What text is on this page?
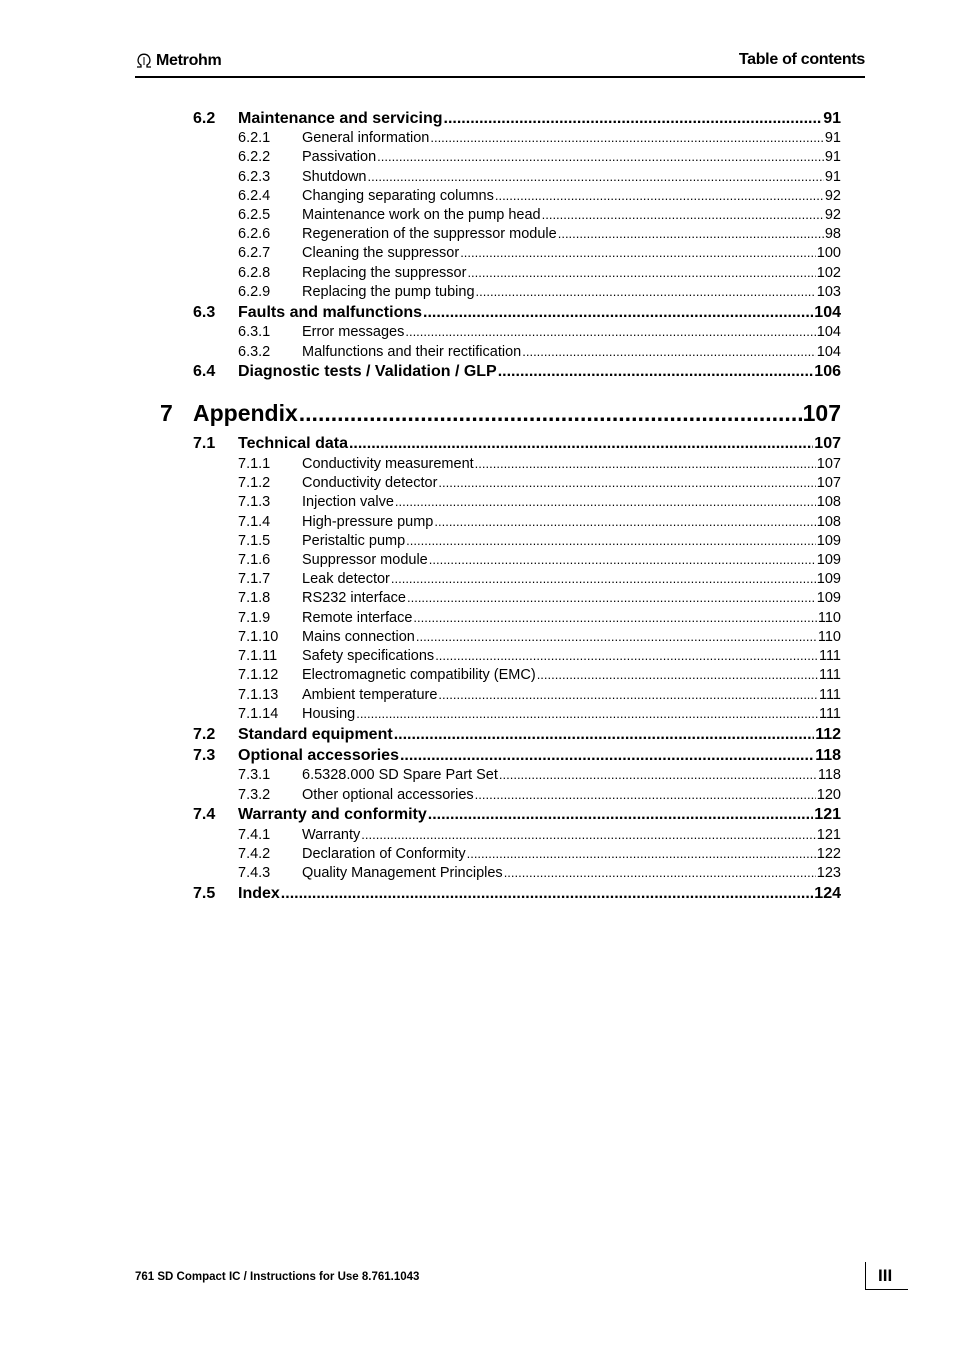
Metrohm	Table of contents
6.2	Maintenance and servicing .....	91
6.2.1	General information .....	91
6.2.2	Passivation .....	91
6.2.3	Shutdown .....	91
6.2.4	Changing separating columns .....	92
6.2.5	Maintenance work on the pump head .....	92
6.2.6	Regeneration of the suppressor module .....	98
6.2.7	Cleaning the suppressor .....	100
6.2.8	Replacing the suppressor .....	102
6.2.9	Replacing the pump tubing .....	103
6.3	Faults and malfunctions .....	104
6.3.1	Error messages .....	104
6.3.2	Malfunctions and their rectification .....	104
6.4	Diagnostic tests / Validation / GLP .....	106
7 Appendix .....	107
7.1	Technical data .....	107
7.1.1	Conductivity measurement .....	107
7.1.2	Conductivity detector .....	107
7.1.3	Injection valve .....	108
7.1.4	High-pressure pump .....	108
7.1.5	Peristaltic pump .....	109
7.1.6	Suppressor module .....	109
7.1.7	Leak detector .....	109
7.1.8	RS232 interface .....	109
7.1.9	Remote interface .....	110
7.1.10	Mains connection .....	110
7.1.11	Safety specifications .....	111
7.1.12	Electromagnetic compatibility (EMC) .....	111
7.1.13	Ambient temperature .....	111
7.1.14	Housing .....	111
7.2	Standard equipment .....	112
7.3	Optional accessories .....	118
7.3.1	6.5328.000 SD Spare Part Set .....	118
7.3.2	Other optional accessories .....	120
7.4	Warranty and conformity .....	121
7.4.1	Warranty .....	121
7.4.2	Declaration of Conformity .....	122
7.4.3	Quality Management Principles .....	123
7.5	Index .....	124
761 SD Compact IC / Instructions for Use 8.761.1043	III
